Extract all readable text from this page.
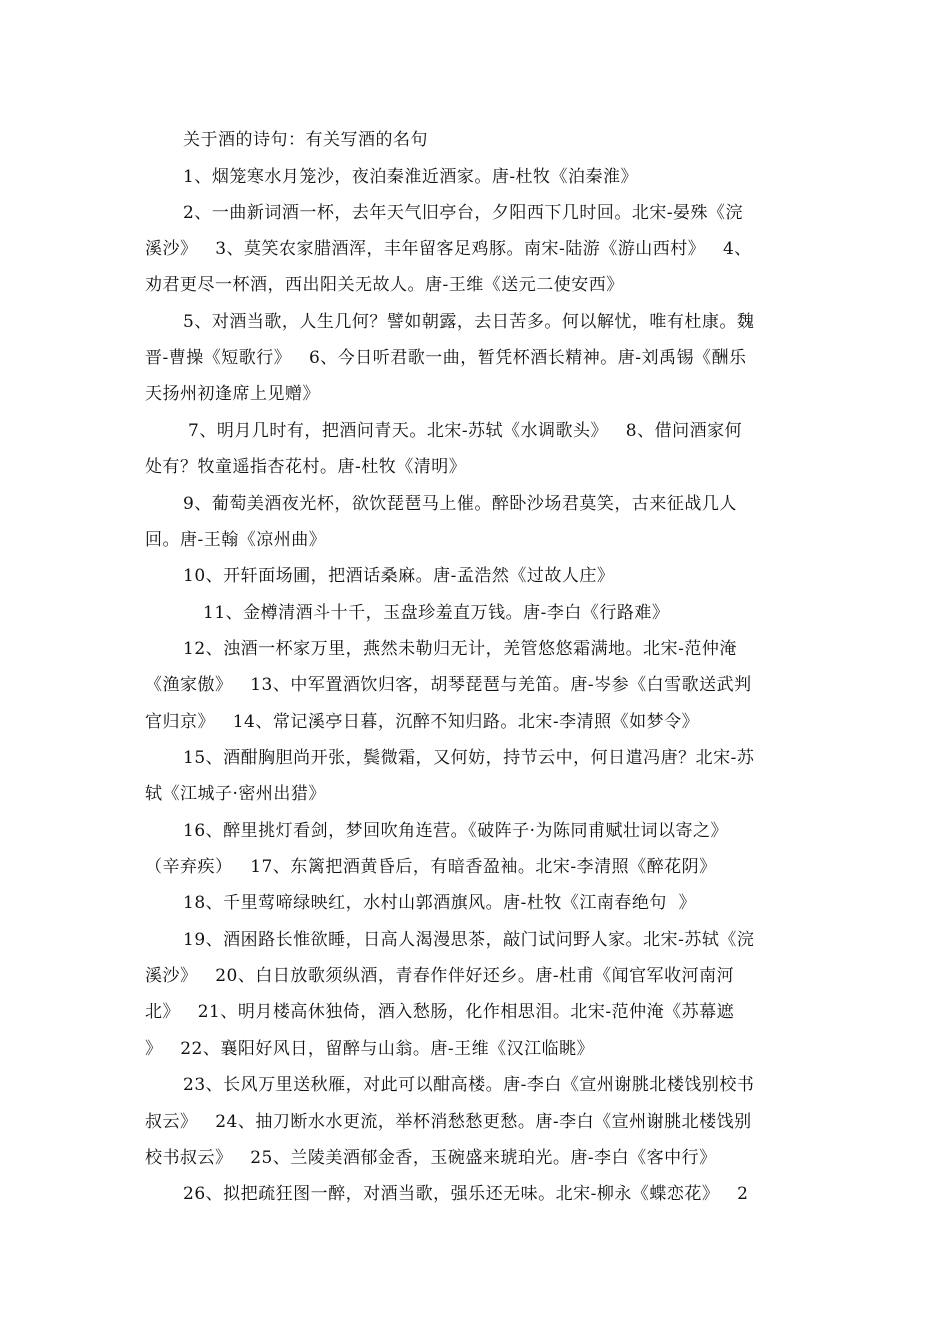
关于酒的诗句：有关写酒的名句
1、烟笼寒水月笼沙，夜泊秦淮近酒家。唐-杜牧《泊秦淮》
2、一曲新词酒一杯，去年天气旧亭台，夕阳西下几时回。北宋-晏殊《浣
溪沙》   3、莫笑农家腊酒浑，丰年留客足鸡豚。南宋-陆游《游山西村》   4、
劝君更尽一杯酒，西出阳关无故人。唐-王维《送元二使安西》
5、对酒当歌，人生几何？譬如朝露，去日苦多。何以解忧，唯有杜康。魏
晋-曹操《短歌行》   6、今日听君歌一曲，暂凭杯酒长精神。唐-刘禹锡《酬乐
天扬州初逢席上见赠》
7、明月几时有，把酒问青天。北宋-苏轼《水调歌头》   8、借问酒家何
处有？牧童遥指杏花村。唐-杜牧《清明》
9、葡萄美酒夜光杯，欲饮琵琶马上催。醉卧沙场君莫笑，古来征战几人
回。唐-王翰《凉州曲》
10、开轩面场圃，把酒话桑麻。唐-孟浩然《过故人庄》
11、金樽清酒斗十千，玉盘珍羞直万钱。唐-李白《行路难》
12、浊酒一杯家万里，燕然未勒归无计，羌管悠悠霜满地。北宋-范仲淹
《渔家傲》   13、中军置酒饮归客，胡琴琵琶与羌笛。唐-岑参《白雪歌送武判
官归京》   14、常记溪亭日暮，沉醉不知归路。北宋-李清照《如梦令》
15、酒酣胸胆尚开张，鬓微霜，又何妨，持节云中，何日遣冯唐？北宋-苏
轼《江城子·密州出猎》
16、醉里挑灯看剑，梦回吹角连营。《破阵子·为陈同甫赋壮词以寄之》
（辛弃疾）   17、东篱把酒黄昏后，有暗香盈袖。北宋-李清照《醉花阴》
18、千里莺啼绿映红，水村山郭酒旗风。唐-杜牧《江南春绝句  》
19、酒困路长惟欲睡，日高人渴漫思茶，敲门试问野人家。北宋-苏轼《浣
溪沙》   20、白日放歌须纵酒，青春作伴好还乡。唐-杜甫《闻官军收河南河
北》   21、明月楼高休独倚，酒入愁肠，化作相思泪。北宋-范仲淹《苏幕遮
》   22、襄阳好风日，留醉与山翁。唐-王维《汉江临眺》
23、长风万里送秋雁，对此可以酣高楼。唐-李白《宣州谢朓北楼饯别校书
叔云》   24、抽刀断水水更流，举杯消愁愁更愁。唐-李白《宣州谢朓北楼饯别
校书叔云》   25、兰陵美酒郁金香，玉碗盛来琥珀光。唐-李白《客中行》
26、拟把疏狂图一醉，对酒当歌，强乐还无味。北宋-柳永《蝶恋花》   2
